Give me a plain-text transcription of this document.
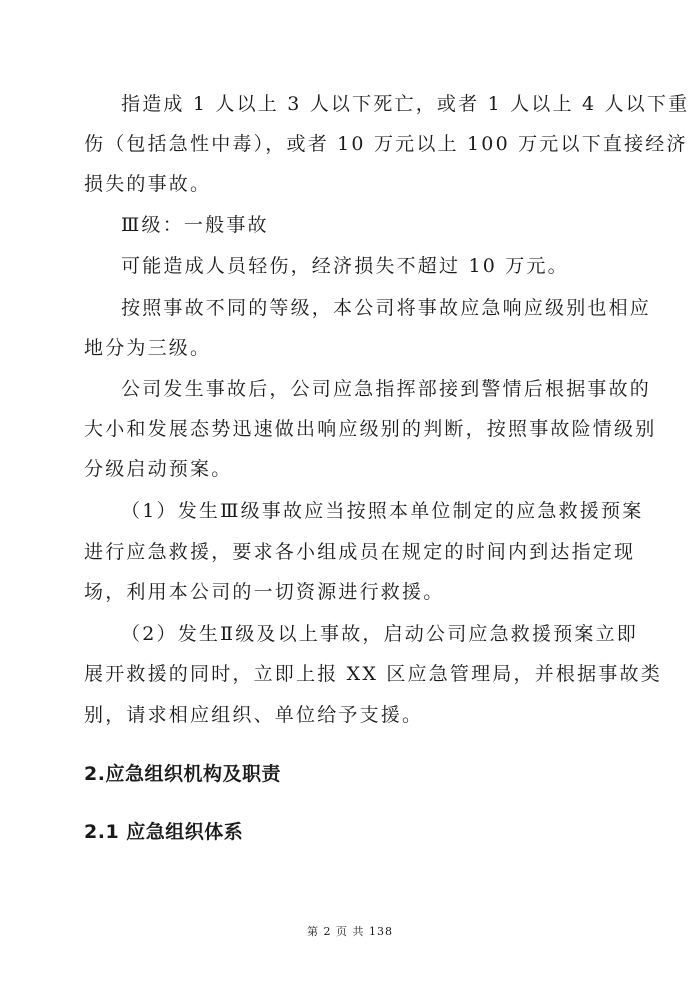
指造成 1 人以上 3 人以下死亡，或者 1 人以上 4 人以下重
伤（包括急性中毒），或者 10 万元以上 100 万元以下直接经济
损失的事故。
Ⅲ级：一般事故
可能造成人员轻伤，经济损失不超过 10 万元。
按照事故不同的等级，本公司将事故应急响应级别也相应
地分为三级。
公司发生事故后，公司应急指挥部接到警情后根据事故的
大小和发展态势迅速做出响应级别的判断，按照事故险情级别
分级启动预案。
（1）发生Ⅲ级事故应当按照本单位制定的应急救援预案
进行应急救援，要求各小组成员在规定的时间内到达指定现
场，利用本公司的一切资源进行救援。
（2）发生Ⅱ级及以上事故，启动公司应急救援预案立即
展开救援的同时，立即上报 XX 区应急管理局，并根据事故类
别，请求相应组织、单位给予支援。
2.应急组织机构及职责
2.1 应急组织体系
第 2 页 共 138
